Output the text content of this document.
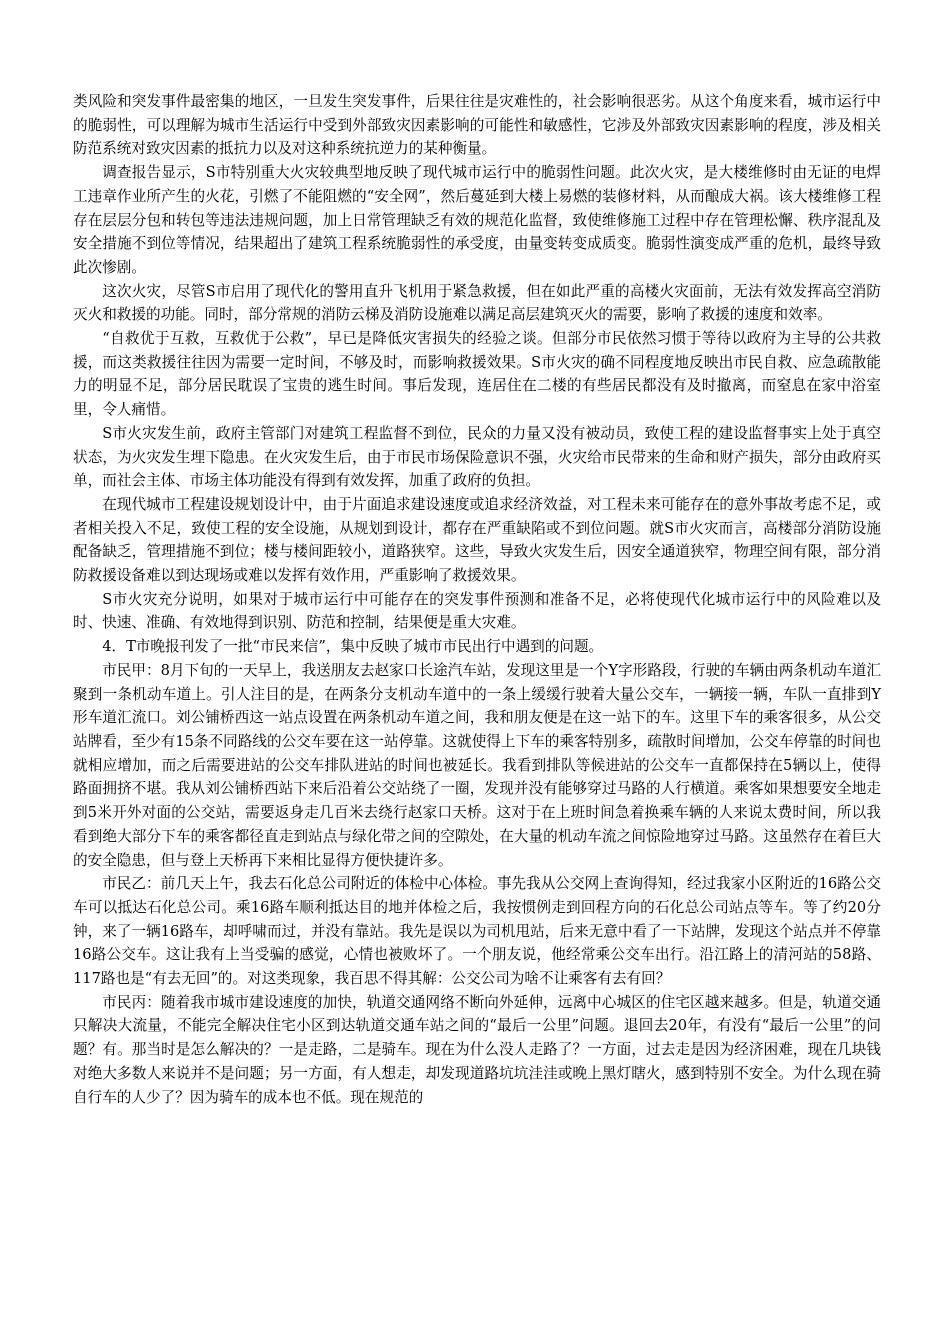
类风险和突发事件最密集的地区，一旦发生突发事件，后果往往是灾难性的，社会影响很恶劣。从这个角度来看，城市运行中的脆弱性，可以理解为城市生活运行中受到外部致灾因素影响的可能性和敏感性，它涉及外部致灾因素影响的程度，涉及相关防范系统对致灾因素的抵抗力以及对这种系统抗逆力的某种衡量。

调查报告显示，S市特别重大火灾较典型地反映了现代城市运行中的脆弱性问题。此次火灾，是大楼维修时由无证的电焊工违章作业所产生的火花，引燃了不能阻燃的“安全网”，然后蔓延到大楼上易燃的装修材料，从而酿成大祸。该大楼维修工程存在层层分包和转包等违法违规问题，加上日常管理缺乏有效的规范化监督，致使维修施工过程中存在管理松懈、秩序混乱及安全措施不到位等情况，结果超出了建筑工程系统脆弱性的承受度，由量变转变成质变。脆弱性演变成严重的危机，最终导致此次惨剧。

这次火灾，尽管S市启用了现代化的警用直升飞机用于紧急救援，但在如此严重的高楼火灾面前，无法有效发挥高空消防灭火和救援的功能。同时，部分常规的消防云梯及消防设施难以满足高层建筑灭火的需要，影响了救援的速度和效率。

“自救优于互救，互救优于公救”，早已是降低灾害损失的经验之谈。但部分市民依然习惯于等待以政府为主导的公共救援，而这类救援往往因为需要一定时间，不够及时，而影响救援效果。S市火灾的确不同程度地反映出市民自救、应急疏散能力的明显不足，部分居民耽误了宝贵的逃生时间。事后发现，连居住在二楼的有些居民都没有及时撤离，而窒息在家中浴室里，令人痛惜。

S市火灾发生前，政府主管部门对建筑工程监督不到位，民众的力量又没有被动员，致使工程的建设监督事实上处于真空状态，为火灾发生埋下隐患。在火灾发生后，由于市民市场保险意识不强，火灾给市民带来的生命和财产损失，部分由政府买单，而社会主体、市场主体功能没有得到有效发挥，加重了政府的负担。

在现代城市工程建设规划设计中，由于片面追求建设速度或追求经济效益，对工程未来可能存在的意外事故考虑不足，或者相关投入不足，致使工程的安全设施，从规划到设计，都存在严重缺陷或不到位问题。就S市火灾而言，高楼部分消防设施配备缺乏，管理措施不到位；楼与楼间距较小，道路狭窄。这些，导致火灾发生后，因安全通道狭窄，物理空间有限，部分消防救援设备难以到达现场或难以发挥有效作用，严重影响了救援效果。

S市火灾充分说明，如果对于城市运行中可能存在的突发事件预测和准备不足，必将使现代化城市运行中的风险难以及时、快速、准确、有效地得到识别、防范和控制，结果便是重大灾难。

4．T市晚报刊发了一批“市民来信”，集中反映了城市市民出行中遇到的问题。

市民甲：8月下旬的一天早上，我送朋友去赵家口长途汽车站，发现这里是一个Y字形路段，行驶的车辆由两条机动车道汇聚到一条机动车道上。引人注目的是，在两条分支机动车道中的一条上缓缓行驶着大量公交车，一辆接一辆，车队一直排到Y形车道汇流口。刘公铺桥西这一站点设置在两条机动车道之间，我和朋友便是在这一站下的车。这里下车的乘客很多，从公交站牌看，至少有15条不同路线的公交车要在这一站停靠。这就使得上下车的乘客特别多，疏散时间增加，公交车停靠的时间也就相应增加，而之后需要进站的公交车排队进站的时间也被延长。我看到排队等候进站的公交车一直都保持在5辆以上，使得路面拥挤不堪。我从刘公铺桥西站下来后沿着公交站绕了一圈，发现并没有能够穿过马路的人行横道。乘客如果想要安全地走到5米开外对面的公交站，需要返身走几百米去绕行赵家口天桥。这对于在上班时间急着换乘车辆的人来说太费时间，所以我看到绝大部分下车的乘客都径直走到站点与绿化带之间的空隙处，在大量的机动车流之间惊险地穿过马路。这虽然存在着巨大的安全隐患，但与登上天桥再下来相比显得方便快捷许多。

市民乙：前几天上午，我去石化总公司附近的体检中心体检。事先我从公交网上查询得知，经过我家小区附近的16路公交车可以抵达石化总公司。乘16路车顺利抵达目的地并体检之后，我按惯例走到回程方向的石化总公司站点等车。等了约20分钟，来了一辆16路车，却呼啸而过，并没有靠站。我先是误以为司机甩站，后来无意中看了一下站牌，发现这个站点并不停靠16路公交车。这让我有上当受骗的感觉，心情也被败坏了。一个朋友说，他经常乘公交车出行。沿江路上的清河站的58路、117路也是“有去无回”的。对这类现象，我百思不得其解：公交公司为啥不让乘客有去有回？

市民丙：随着我市城市建设速度的加快，轨道交通网络不断向外延伸，远离中心城区的住宅区越来越多。但是，轨道交通只解决大流量，不能完全解决住宅小区到达轨道交通车站之间的“最后一公里”问题。退回去20年，有没有“最后一公里”的问题？有。那当时是怎么解决的？一是走路，二是骑车。现在为什么没人走路了？一方面，过去走是因为经济困难，现在几块钱对绝大多数人来说并不是问题；另一方面，有人想走，却发现道路坑坑洼洼或晚上黑灯瞎火，感到特别不安全。为什么现在骑自行车的人少了？因为骑车的成本也不低。现在规范的
